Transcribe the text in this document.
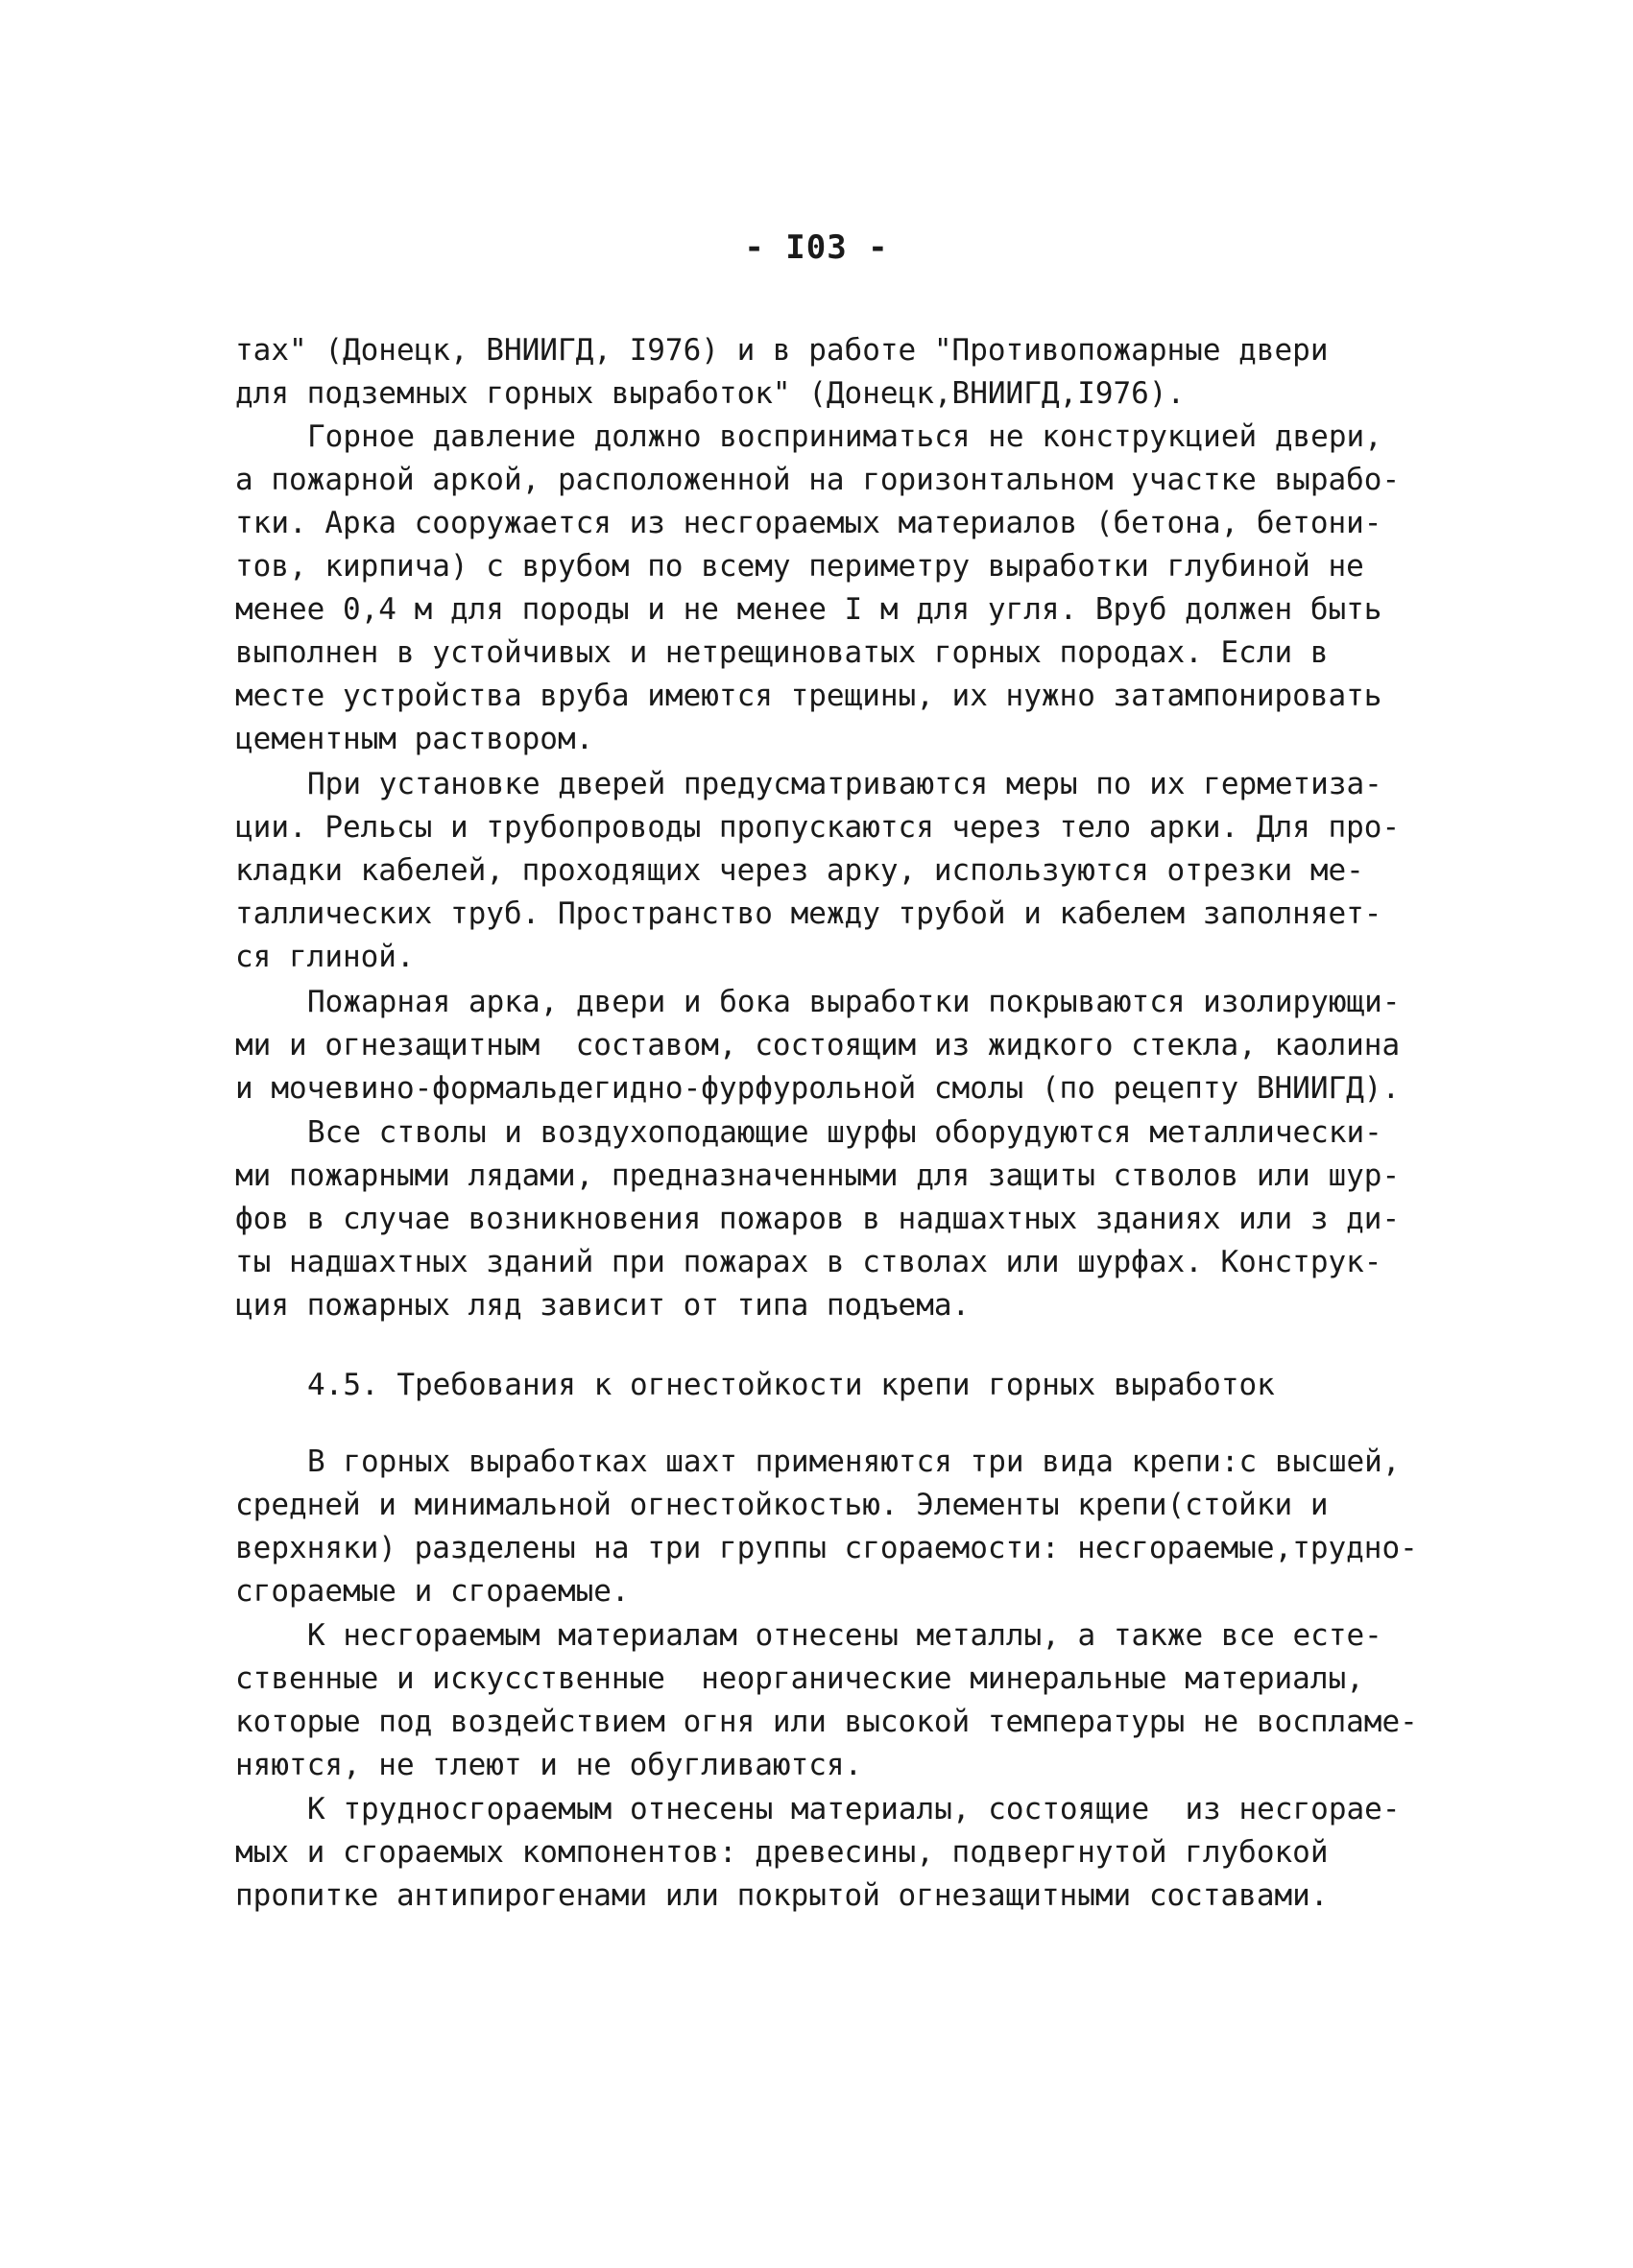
- I03 -
тах" (Донецк, ВНИИГД, I976) и в работе "Противопожарные двери
для подземных горных выработок" (Донецк,ВНИИГД,I976).
Горное давление должно восприниматься не конструкцией двери,
а пожарной аркой, расположенной на горизонтальном участке вырабо-
тки. Арка сооружается из несгораемых материалов (бетона, бетони-
тов, кирпича) с врубом по всему периметру выработки глубиной не
менее 0,4 м для породы и не менее I м для угля. Вруб должен быть
выполнен в устойчивых и нетрещиноватых горных породах. Если в
месте устройства вруба имеются трещины, их нужно затампонировать
цементным раствором.
При установке дверей предусматриваются меры по их герметиза-
ции. Рельсы и трубопроводы пропускаются через тело арки. Для про-
кладки кабелей, проходящих через арку, используются отрезки ме-
таллических труб. Пространство между трубой и кабелем заполняет-
ся глиной.
Пожарная арка, двери и бока выработки покрываются изолирующи-
ми и огнезащитным  составом, состоящим из жидкого стекла, каолина
и мочевино-формальдегидно-фурфурольной смолы (по рецепту ВНИИГД).
Все стволы и воздухоподающие шурфы оборудуются металлически-
ми пожарными лядами, предназначенными для защиты стволов или шур-
фов в случае возникновения пожаров в надшахтных зданиях или з ди-
ты надшахтных зданий при пожарах в стволах или шурфах. Конструк-
ция пожарных ляд зависит от типа подъема.
4.5. Требования к огнестойкости крепи горных выработок
В горных выработках шахт применяются три вида крепи:с высшей,
средней и минимальной огнестойкостью. Элементы крепи(стойки и
верхняки) разделены на три группы сгораемости: несгораемые,трудно-
сгораемые и сгораемые.
К несгораемым материалам отнесены металлы, а также все есте-
ственные и искусственные  неорганические минеральные материалы,
которые под воздействием огня или высокой температуры не воспламе-
няются, не тлеют и не обугливаются.
К трудносгораемым отнесены материалы, состоящие  из несгорае-
мых и сгораемых компонентов: древесины, подвергнутой глубокой
пропитке антипирогенами или покрытой огнезащитными составами.
